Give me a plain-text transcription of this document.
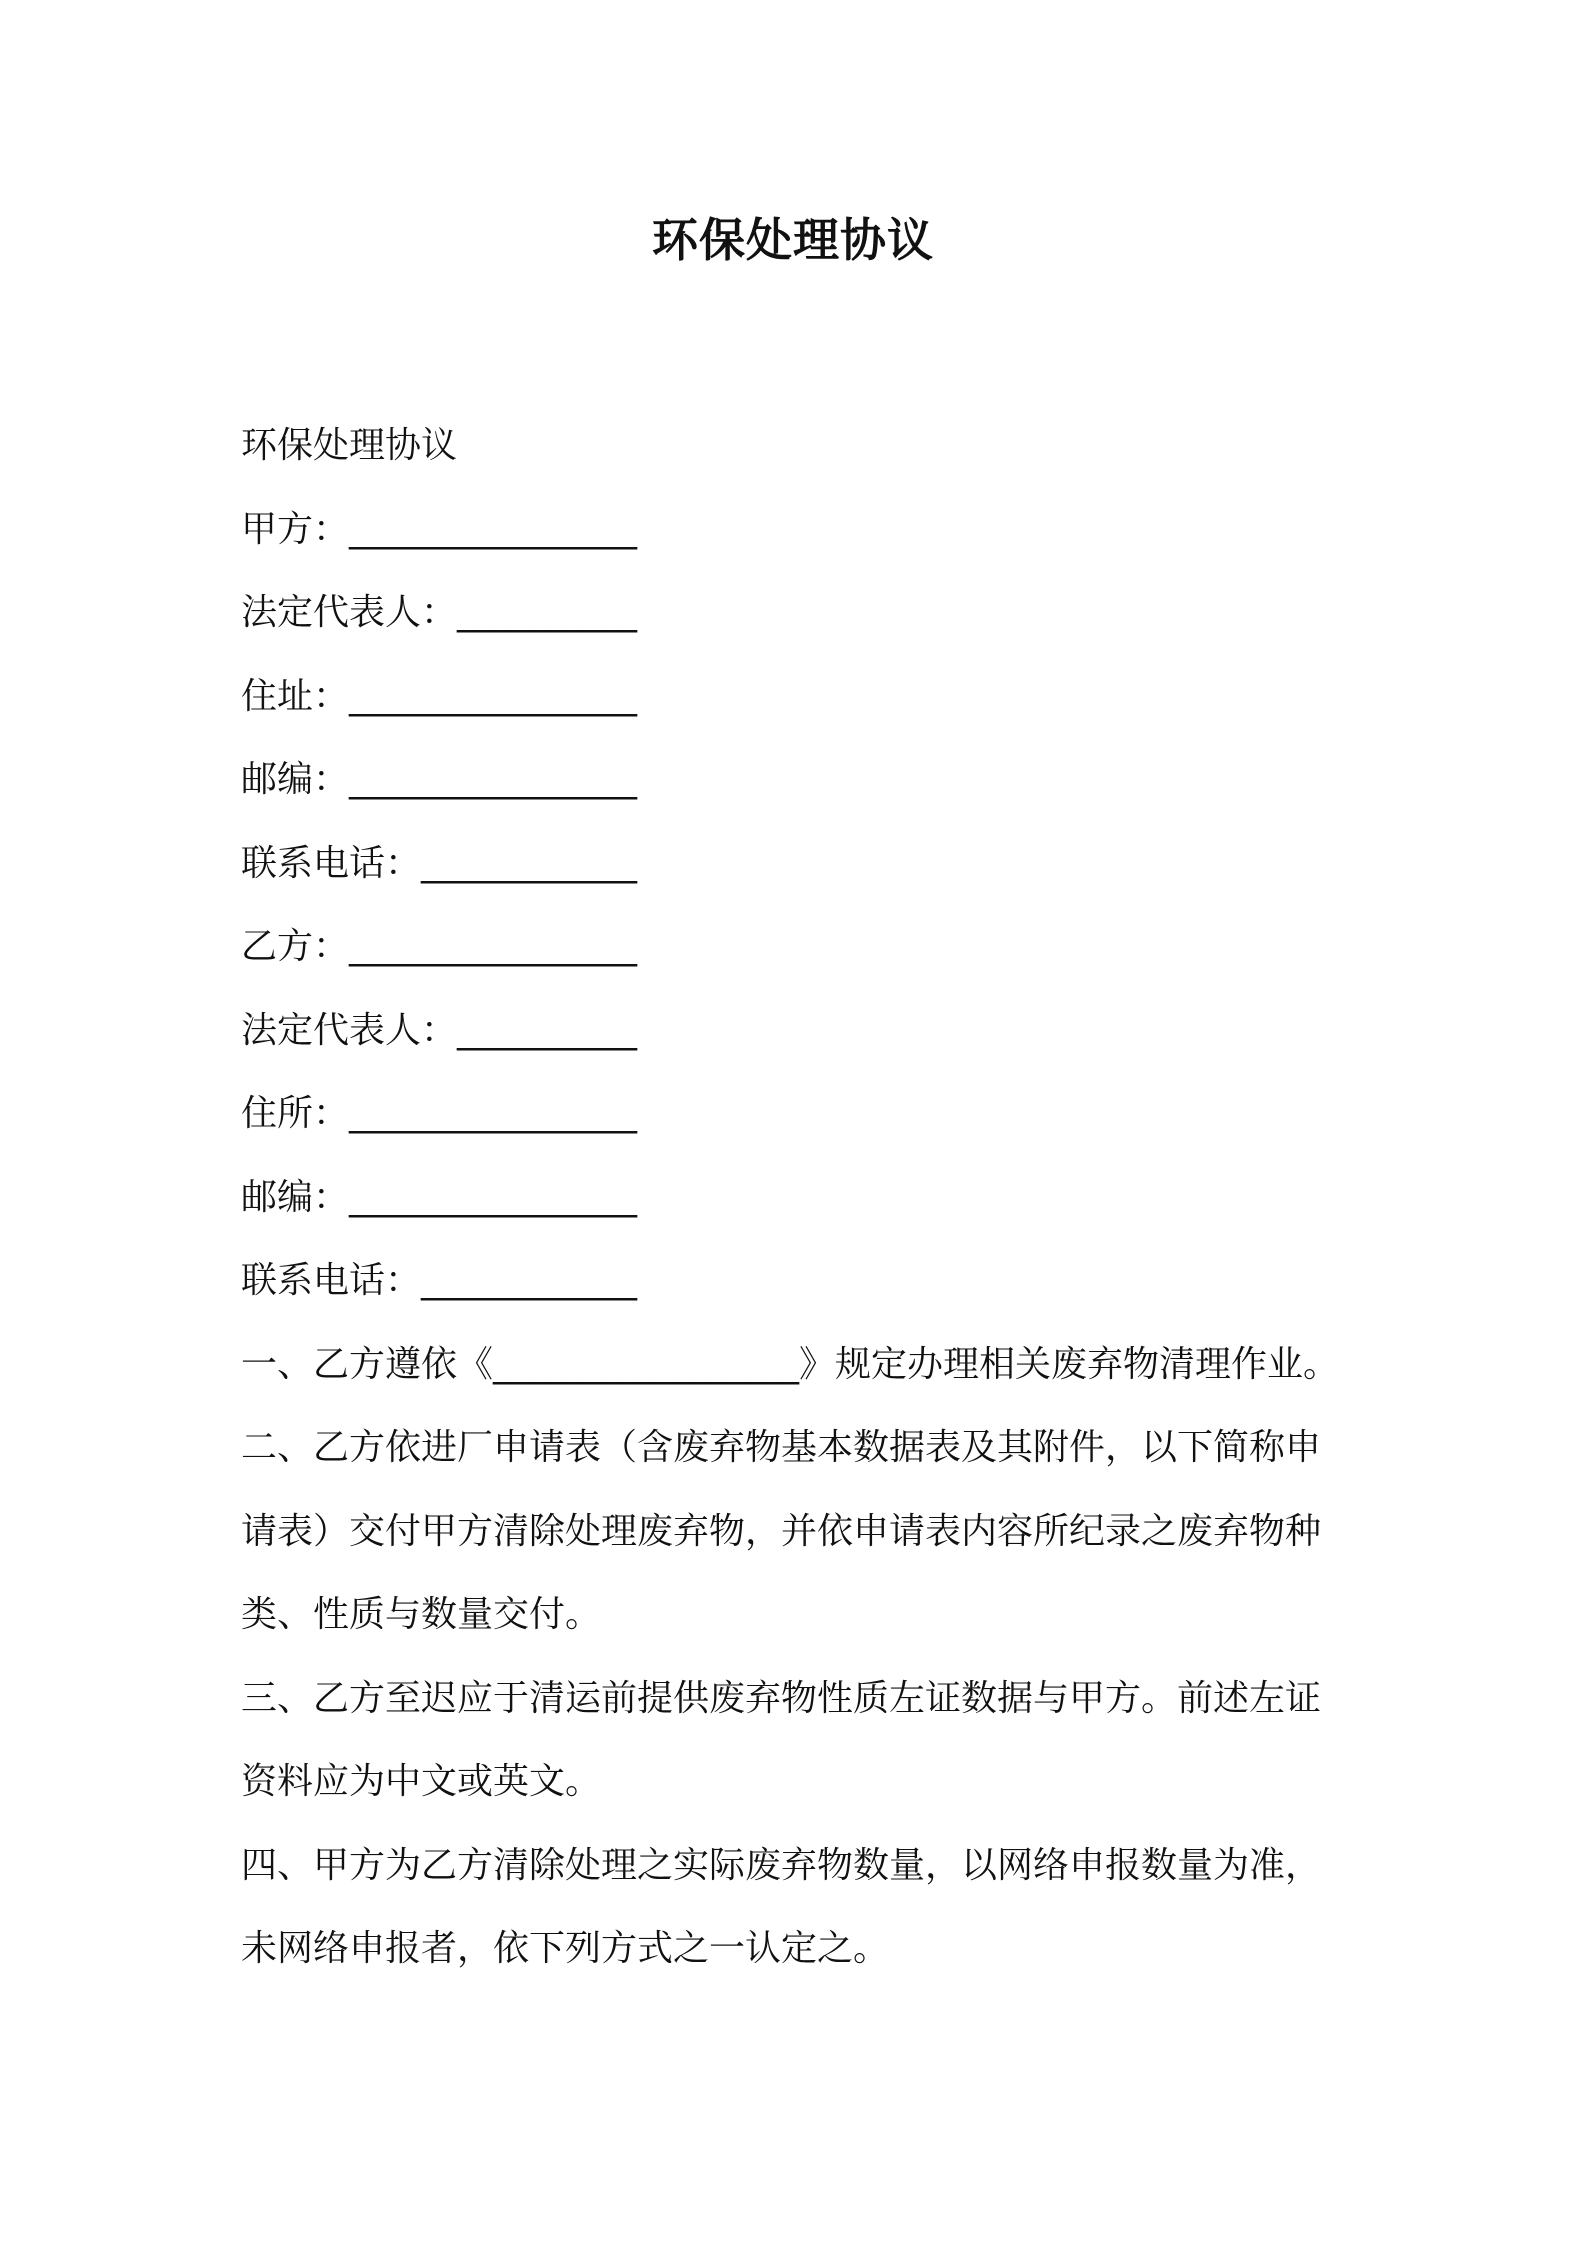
环保处理协议
环保处理协议
甲方：________________
法定代表人：__________
住址：________________
邮编：________________
联系电话：____________
乙方：________________
法定代表人：__________
住所：________________
邮编：________________
联系电话：____________
一、乙方遵依《_________________》规定办理相关废弃物清理作业。
二、乙方依进厂申请表（含废弃物基本数据表及其附件，以下简称申请表）交付甲方清除处理废弃物，并依申请表内容所纪录之废弃物种类、性质与数量交付。
三、乙方至迟应于清运前提供废弃物性质左证数据与甲方。前述左证资料应为中文或英文。
四、甲方为乙方清除处理之实际废弃物数量，以网络申报数量为准，未网络申报者，依下列方式之一认定之。
